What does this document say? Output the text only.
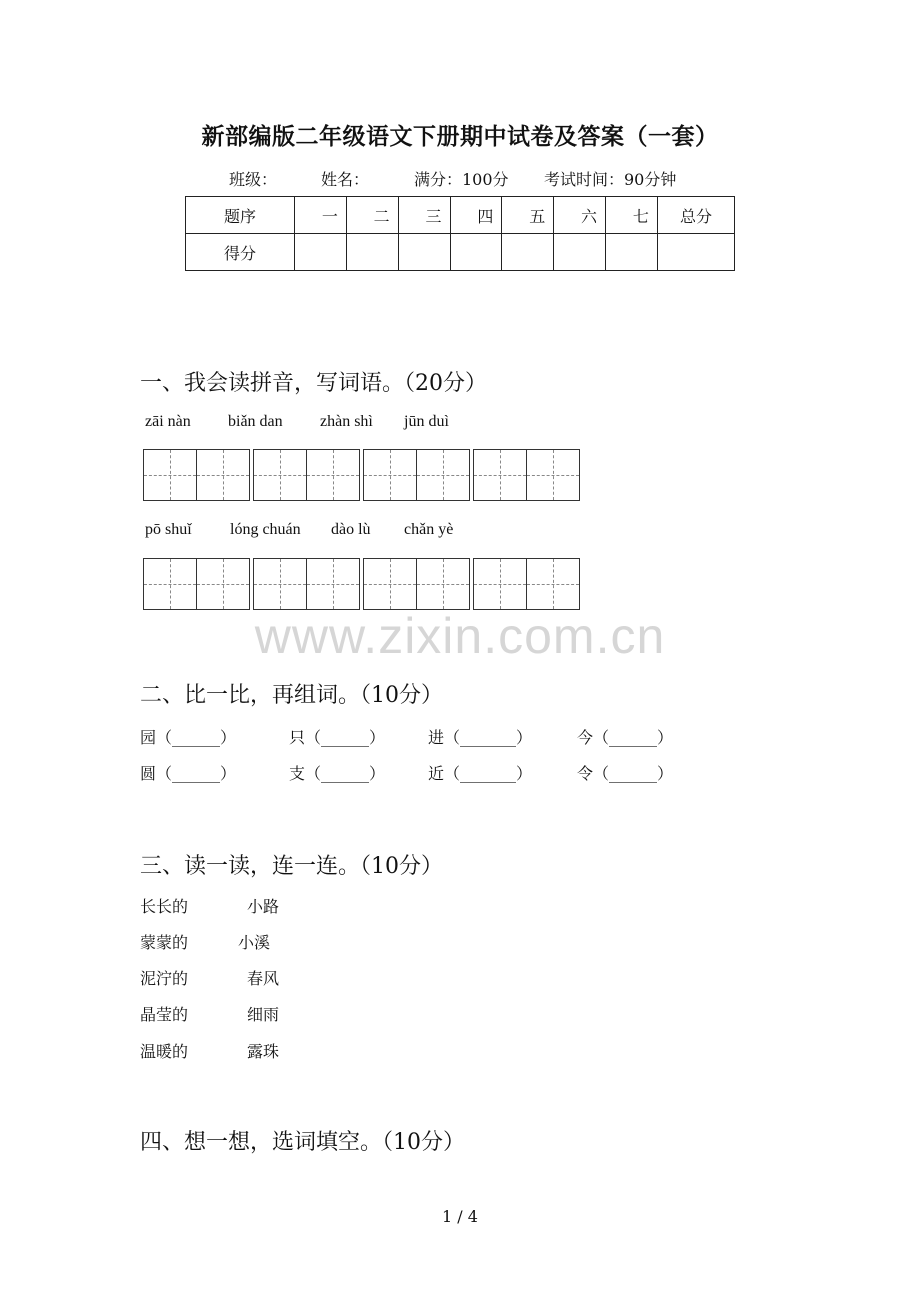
新部编版二年级语文下册期中试卷及答案（一套）
班级：	姓名：	满分：100分 考试时间：90分钟
题序	一	二	三	四	五	六	七	总分
得分								
一、我会读拼音，写词语。（20分）
zāi nàn biǎn dan zhàn shì jūn duì
pō shuǐ lóng chuán dào lù chǎn yè
www.zixin.com.cn
二、比一比，再组词。（10分）
园（______）	只（______）	进（_______）	今（______）
圆（______）	支（______）	近（_______）	令（______）
三、读一读，连一连。（10分）
长长的	小路
蒙蒙的	小溪
泥泞的	春风
晶莹的	细雨
温暖的	露珠
四、想一想，选词填空。（10分）
1 / 4
